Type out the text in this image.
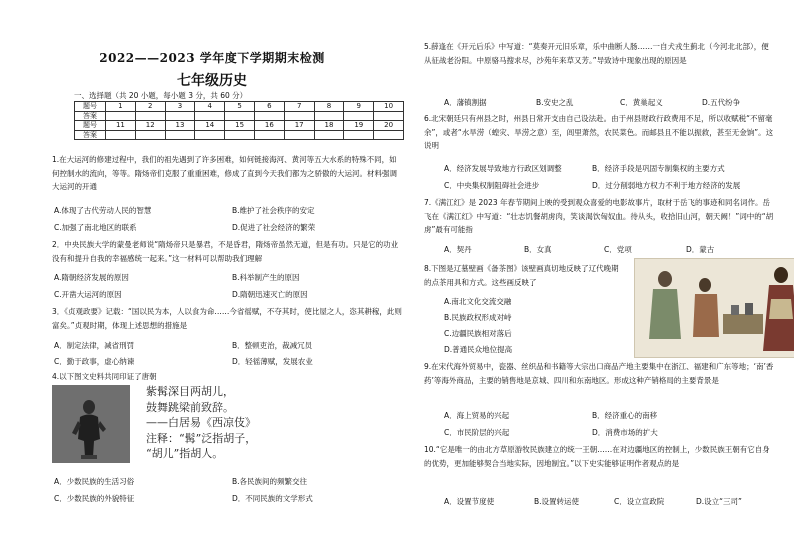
2022——2023 学年度下学期期末检测
七年级历史
一、选择题（共 20 小题，每小题 3 分，共 60 分）
题号	1	2	3	4	5	6	7	8	9	10
答案										
题号	11	12	13	14	15	16	17	18	19	20
答案										
1.在大运河的修建过程中，我们的祖先遇到了许多困难，如何链接海河、黄河等五大水系的特殊不同，如何控制水的流向，等等。隋炀帝们克服了重重困难，修成了直到今天我们都为之骄傲的大运河。材料强调大运河的开通
A.体现了古代劳动人民的智慧	B.维护了社会秩序的安定
C.加强了南北地区的联系	D.促进了社会经济的繁荣
2．中央民族大学的蒙曼老师说“隋炀帝只是暴君，不是昏君，隋炀帝虽然无道，但是有功。只是它的功业没有和提升自我的幸福感统一起来。”这一材料可以帮助我们理解
A.隋朝经济发展的原因	B.科举制产生的原因
C.开凿大运河的原因	D.隋朝迅速灭亡的原因
3．《贞观政要》记载：“国以民为本，人以食为命……今省徭赋，不夺其时，使比屋之人，恣其耕稼，此则富矣。”贞观时期，体现上述思想的措施是
A．制定法律，减省刑罚	B．整顿吏治，裁减冗员
C．勤于政事，虚心纳谏	D．轻徭薄赋，发展农业
4.以下图文史料共同印证了唐朝
紫髯深目两胡儿，
鼓舞跳梁前致辞。
——白居易《西凉伎》
注释：“髯”泛指胡子，
“胡儿”指胡人。
A．少数民族的生活习俗	B.各民族间的频繁交往
C．少数民族的外貌特征	D．不同民族的文学形式
5.薛逢在《开元后乐》中写道：“莫奏开元旧乐章，乐中曲断人肠……一自犬戎生蓟北（今河北北部），便从征战老汾阳。中原骆马搜求尽，沙苑年来草又芳。”导致诗中现象出现的原因是
A．藩镇割据	B.安史之乱	C．黄巢起义	D.五代纷争
6.北宋朝廷只有州县之时，州县日常开支由自己设法赴。由于州县财政行政费用不足，所以收赋税“不留毫余”，或者“水旱涝（蝗灾、旱涝之意）至，闾里萧然，农民菜色。而邮县且不能以振救，甚至无金饷”。这说明
A．经济发展导致地方行政区划调整	B．经济手段是巩固专制集权的主要方式
C．中央集权制阻碍社会进步	D．过分削弱地方权力不利于地方经济的发展
7.《满江红》是 2023 年春节期间上映的受到观众喜爱的电影故事片，取材于岳飞的事迹和同名词作。岳飞在《满江红》中写道：“壮志饥餐胡虏肉，笑谈渴饮匈奴血。待从头，收拾旧山河，朝天阙！”词中的“胡虏”最有可能指
A．契丹	B．女真	C．党项	D．蒙古
8.下图是辽墓壁画《备茶图》该壁画真切地反映了辽代晚期的点茶用具和方式。这些画反映了
A.南北文化交流交融
B.民族政权形成对峙
C.边疆民族相对落后
D.普通民众地位提高
9.在宋代海外贸易中，瓷器、丝织品和书籍等大宗出口商品产地主要集中在浙江、福建和广东等地；‘南’香药’等海外商品，主要的销售地是京城、四川和东南地区。形成这种产销格局的主要背景是
A．海上贸易的兴起	B．经济重心的南移
C．市民阶层的兴起	D．消费市场的扩大
10.“它是唯一的由北方草原游牧民族建立的统一王朝……在对边疆地区的控制上，少数民族王朝有它自身的优势，更加能够契合当地实际，因地制宜。”以下史实能够证明作者观点的是
A．设置节度使	B.设置转运使	C．设立宣政院	D.设立“三司”
